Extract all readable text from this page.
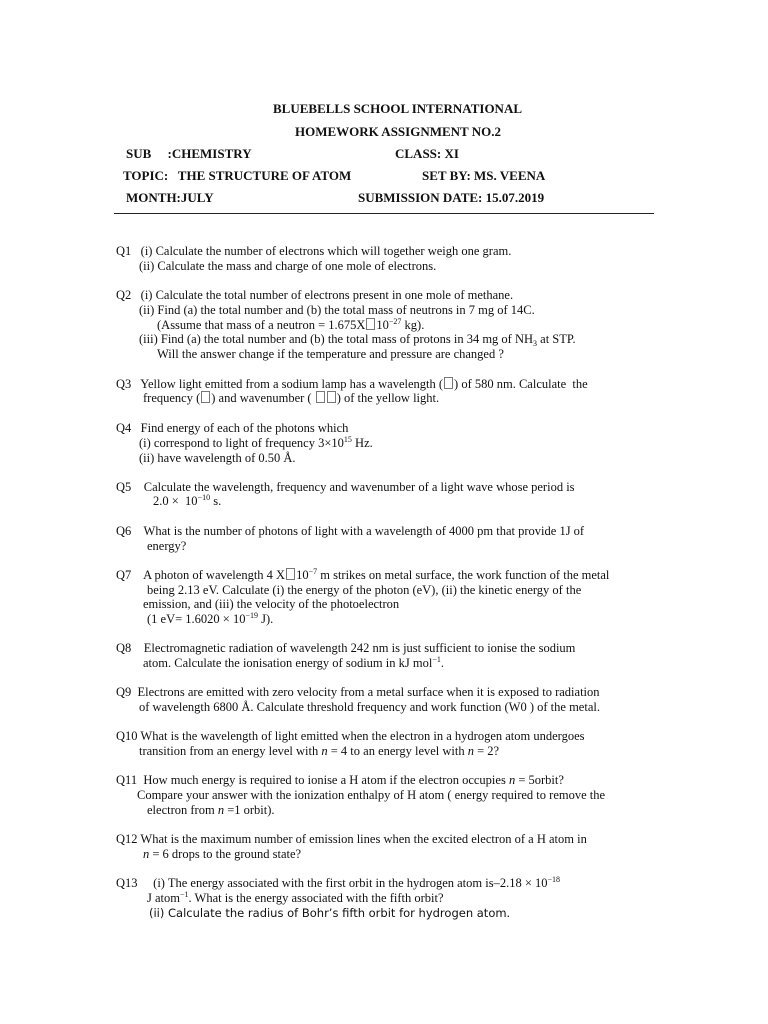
BLUEBELLS SCHOOL INTERNATIONAL
HOMEWORK ASSIGNMENT NO.2
SUB     :CHEMISTRY	CLASS: XI
TOPIC:   THE STRUCTURE OF ATOM	SET BY: MS. VEENA
MONTH:JULY	SUBMISSION DATE: 15.07.2019
Q1   (i) Calculate the number of electrons which will together weigh one gram.
(ii) Calculate the mass and charge of one mole of electrons.
Q2   (i) Calculate the total number of electrons present in one mole of methane.
(ii) Find (a) the total number and (b) the total mass of neutrons in 7 mg of 14C.
(Assume that mass of a neutron = 1.675X $10^{-27}$ kg).
(iii) Find (a) the total number and (b) the total mass of protons in 34 mg of $NH_3$ at STP.
Will the answer change if the temperature and pressure are changed ?
Q3   Yellow light emitted from a sodium lamp has a wavelength ( ) of 580 nm. Calculate  the
frequency ( ) and wavenumber ( ) of the yellow light.
Q4   Find energy of each of the photons which
(i) correspond to light of frequency $3\times 10^{15}$ Hz.
(ii) have wavelength of 0.50 Å.
Q5    Calculate the wavelength, frequency and wavenumber of a light wave whose period is
$2.0 \times 10^{-10}$ s.
Q6    What is the number of photons of light with a wavelength of 4000 pm that provide 1J of
energy?
Q7    A photon of wavelength 4 X $10^{-7}$ m strikes on metal surface, the work function of the metal
being 2.13 eV. Calculate (i) the energy of the photon (eV), (ii) the kinetic energy of the
emission, and (iii) the velocity of the photoelectron
(1 $eV= 1.6020 \times 10^{-19}$ J).
Q8    Electromagnetic radiation of wavelength 242 nm is just sufficient to ionise the sodium
atom. Calculate the ionisation energy of sodium in kJ mol$^{-1}$.
Q9  Electrons are emitted with zero velocity from a metal surface when it is exposed to radiation
of wavelength 6800 Å. Calculate threshold frequency and work function (W0 ) of the metal.
Q10 What is the wavelength of light emitted when the electron in a hydrogen atom undergoes
transition from an energy level with n = 4 to an energy level with n = 2?
Q11  How much energy is required to ionise a H atom if the electron occupies n = 5orbit?
Compare your answer with the ionization enthalpy of H atom ( energy required to remove the
electron from n =1 orbit).
Q12 What is the maximum number of emission lines when the excited electron of a H atom in
n = 6 drops to the ground state?
Q13     (i) The energy associated with the first orbit in the hydrogen atom $is-2.18 \times 10^{-18}$
J atom$^{-1}$. What is the energy associated with the fifth orbit?
(ii) Calculate the radius of Bohr’s fifth orbit for hydrogen atom.
